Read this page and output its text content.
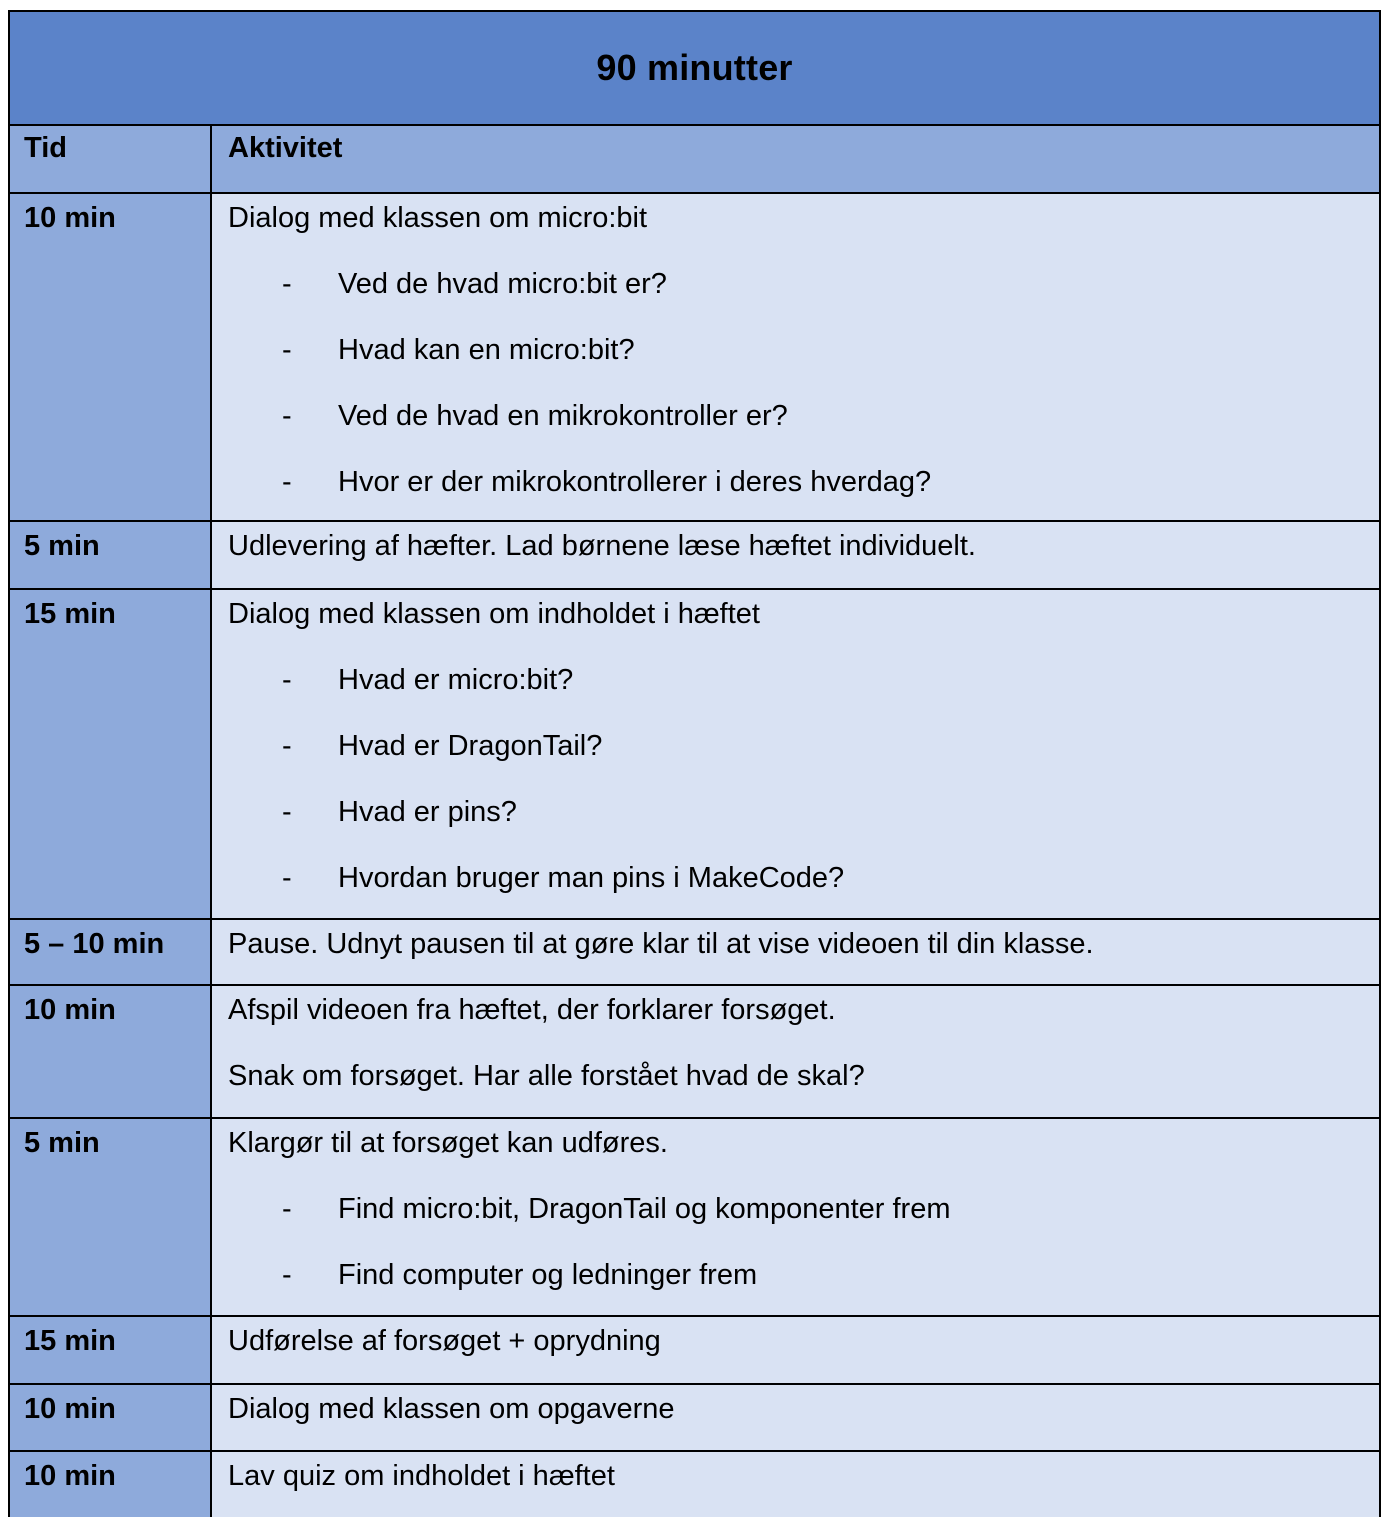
90 minutter
Tid	Aktivitet
10 min	Dialog med klassen om micro:bit
- Ved de hvad micro:bit er?
- Hvad kan en micro:bit?
- Ved de hvad en mikrokontroller er?
- Hvor er der mikrokontrollerer i deres hverdag?
5 min	Udlevering af hæfter. Lad børnene læse hæftet individuelt.
15 min	Dialog med klassen om indholdet i hæftet
- Hvad er micro:bit?
- Hvad er DragonTail?
- Hvad er pins?
- Hvordan bruger man pins i MakeCode?
5 – 10 min Pause. Udnyt pausen til at gøre klar til at vise videoen til din klasse.
10 min	Afspil videoen fra hæftet, der forklarer forsøget.
Snak om forsøget. Har alle forstået hvad de skal?
5 min	Klargør til at forsøget kan udføres.
- Find micro:bit, DragonTail og komponenter frem
- Find computer og ledninger frem
15 min	Udførelse af forsøget + oprydning
10 min	Dialog med klassen om opgaverne
10 min	Lav quiz om indholdet i hæftet
